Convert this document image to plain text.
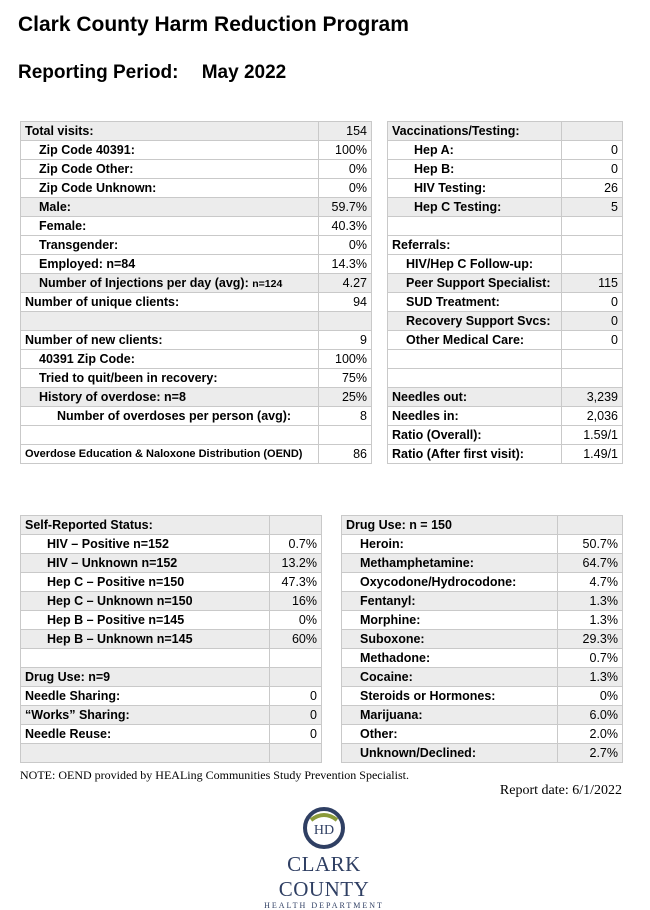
Clark County Harm Reduction Program
Reporting Period: May 2022
Total visits:	154		Vaccinations/Testing:	
Zip Code 40391:	100%		Hep A:	0
Zip Code Other:	0%		Hep B:	0
Zip Code Unknown:	0%		HIV Testing:	26
Male:	59.7%		Hep C Testing:	5
Female:	40.3%			
Transgender:	0%		Referrals:	
Employed: n=84	14.3%		HIV/Hep C Follow-up:	
Number of Injections per day (avg): n=124	4.27		Peer Support Specialist:	115
Number of unique clients:	94		SUD Treatment:	0
			Recovery Support Svcs:	0
Number of new clients:	9		Other Medical Care:	0
40391 Zip Code:	100%			
Tried to quit/been in recovery:	75%			
History of overdose: n=8	25%		Needles out:	3,239
Number of overdoses per person (avg):	8		Needles in:	2,036
			Ratio (Overall):	1.59/1
Overdose Education & Naloxone Distribution (OEND)	86		Ratio (After first visit):	1.49/1
Self-Reported Status:			Drug Use: n = 150	
HIV – Positive n=152	0.7%		Heroin:	50.7%
HIV – Unknown n=152	13.2%		Methamphetamine:	64.7%
Hep C – Positive n=150	47.3%		Oxycodone/Hydrocodone:	4.7%
Hep C – Unknown n=150	16%		Fentanyl:	1.3%
Hep B – Positive n=145	0%		Morphine:	1.3%
Hep B – Unknown n=145	60%		Suboxone:	29.3%
			Methadone:	0.7%
Drug Use: n=9			Cocaine:	1.3%
Needle Sharing:	0		Steroids or Hormones:	0%
“Works” Sharing:	0		Marijuana:	6.0%
Needle Reuse:	0		Other:	2.0%
			Unknown/Declined:	2.7%
NOTE: OEND provided by HEALing Communities Study Prevention Specialist.
Report date: 6/1/2022
HD
CLARK COUNTY
HEALTH DEPARTMENT
